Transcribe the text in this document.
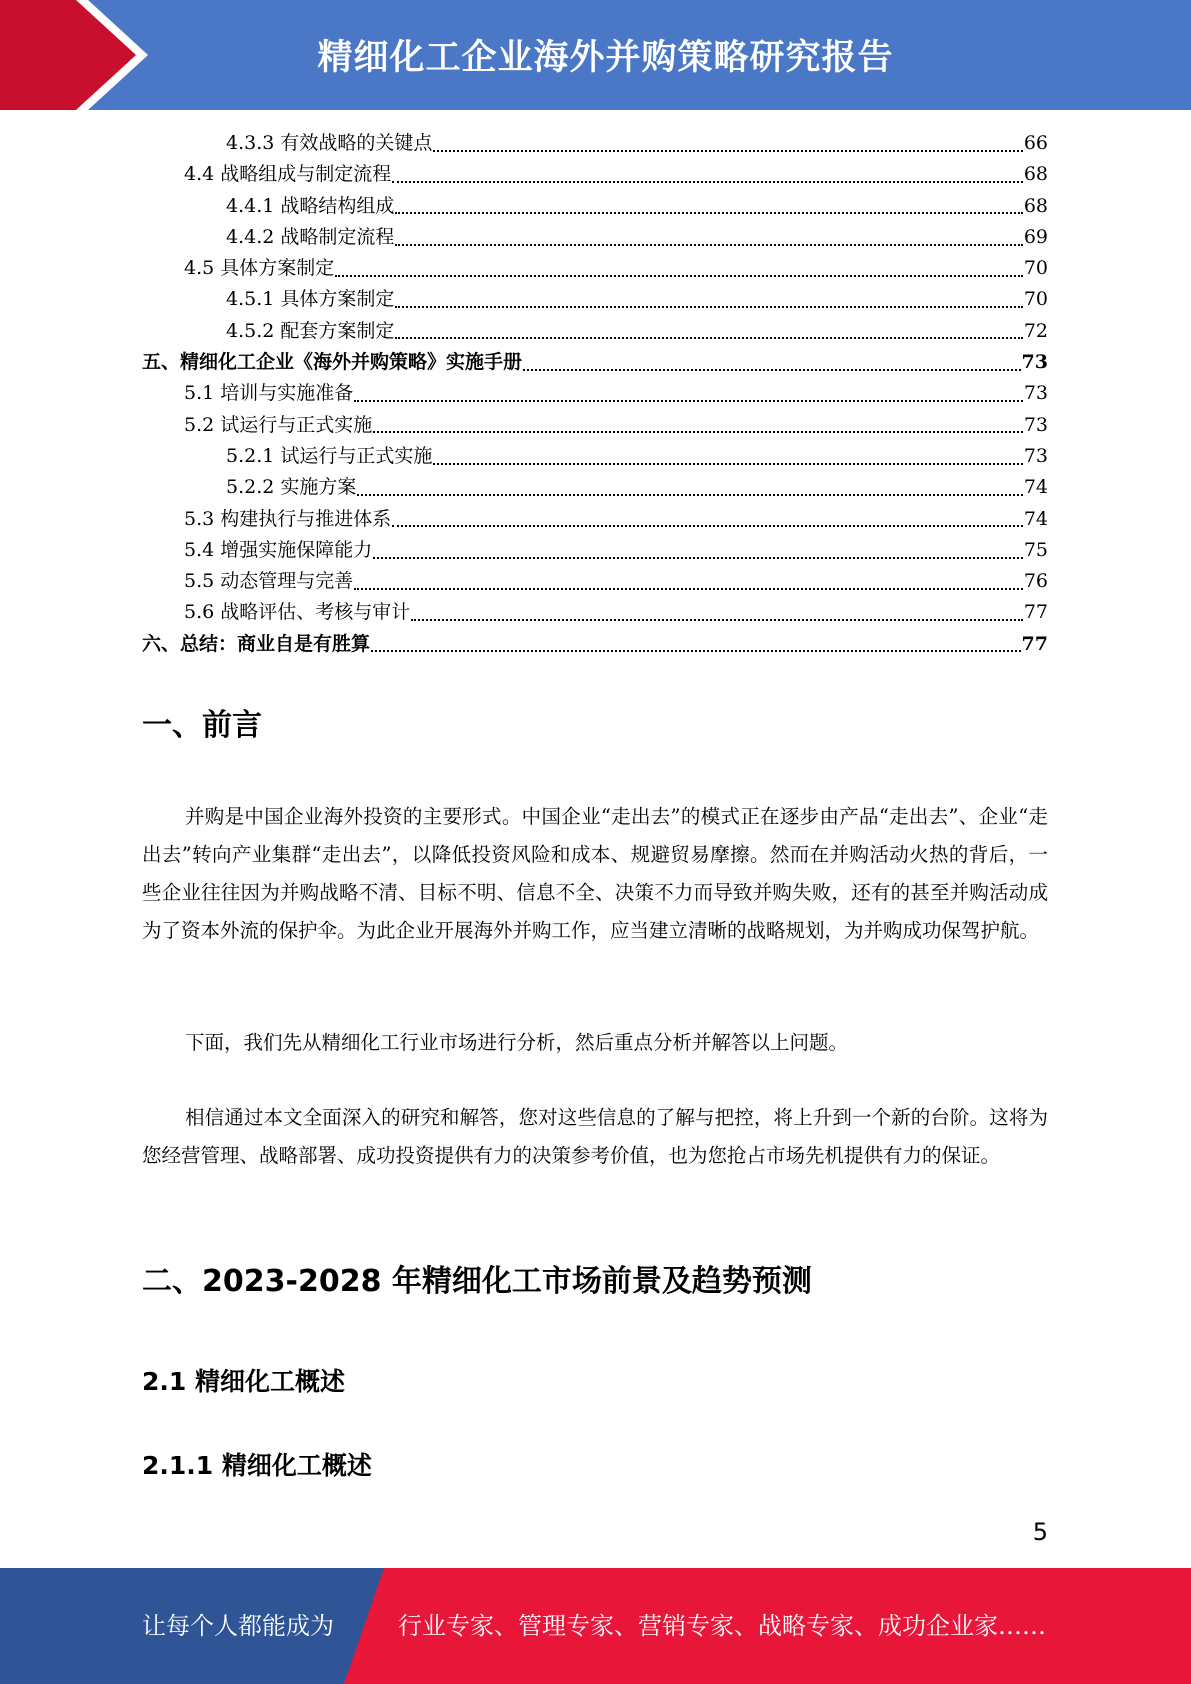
精细化工企业海外并购策略研究报告
4.3.3 有效战略的关键点	66
4.4 战略组成与制定流程	68
4.4.1 战略结构组成	68
4.4.2 战略制定流程	69
4.5 具体方案制定	70
4.5.1 具体方案制定	70
4.5.2 配套方案制定	72
五、精细化工企业《海外并购策略》实施手册	73
5.1 培训与实施准备	73
5.2 试运行与正式实施	73
5.2.1 试运行与正式实施	73
5.2.2 实施方案	74
5.3 构建执行与推进体系	74
5.4 增强实施保障能力	75
5.5 动态管理与完善	76
5.6 战略评估、考核与审计	77
六、总结：商业自是有胜算	77
一、前言

并购是中国企业海外投资的主要形式。中国企业“走出去”的模式正在逐步由产品“走出去”、企业“走出去”转向产业集群“走出去”，以降低投资风险和成本、规避贸易摩擦。然而在并购活动火热的背后，一些企业往往因为并购战略不清、目标不明、信息不全、决策不力而导致并购失败，还有的甚至并购活动成为了资本外流的保护伞。为此企业开展海外并购工作，应当建立清晰的战略规划，为并购成功保驾护航。

下面，我们先从精细化工行业市场进行分析，然后重点分析并解答以上问题。

相信通过本文全面深入的研究和解答，您对这些信息的了解与把控，将上升到一个新的台阶。这将为您经营管理、战略部署、成功投资提供有力的决策参考价值，也为您抢占市场先机提供有力的保证。

二、2023-2028 年精细化工市场前景及趋势预测
2.1 精细化工概述
2.1.1 精细化工概述
5
让每个人都能成为	行业专家、管理专家、营销专家、战略专家、成功企业家……
